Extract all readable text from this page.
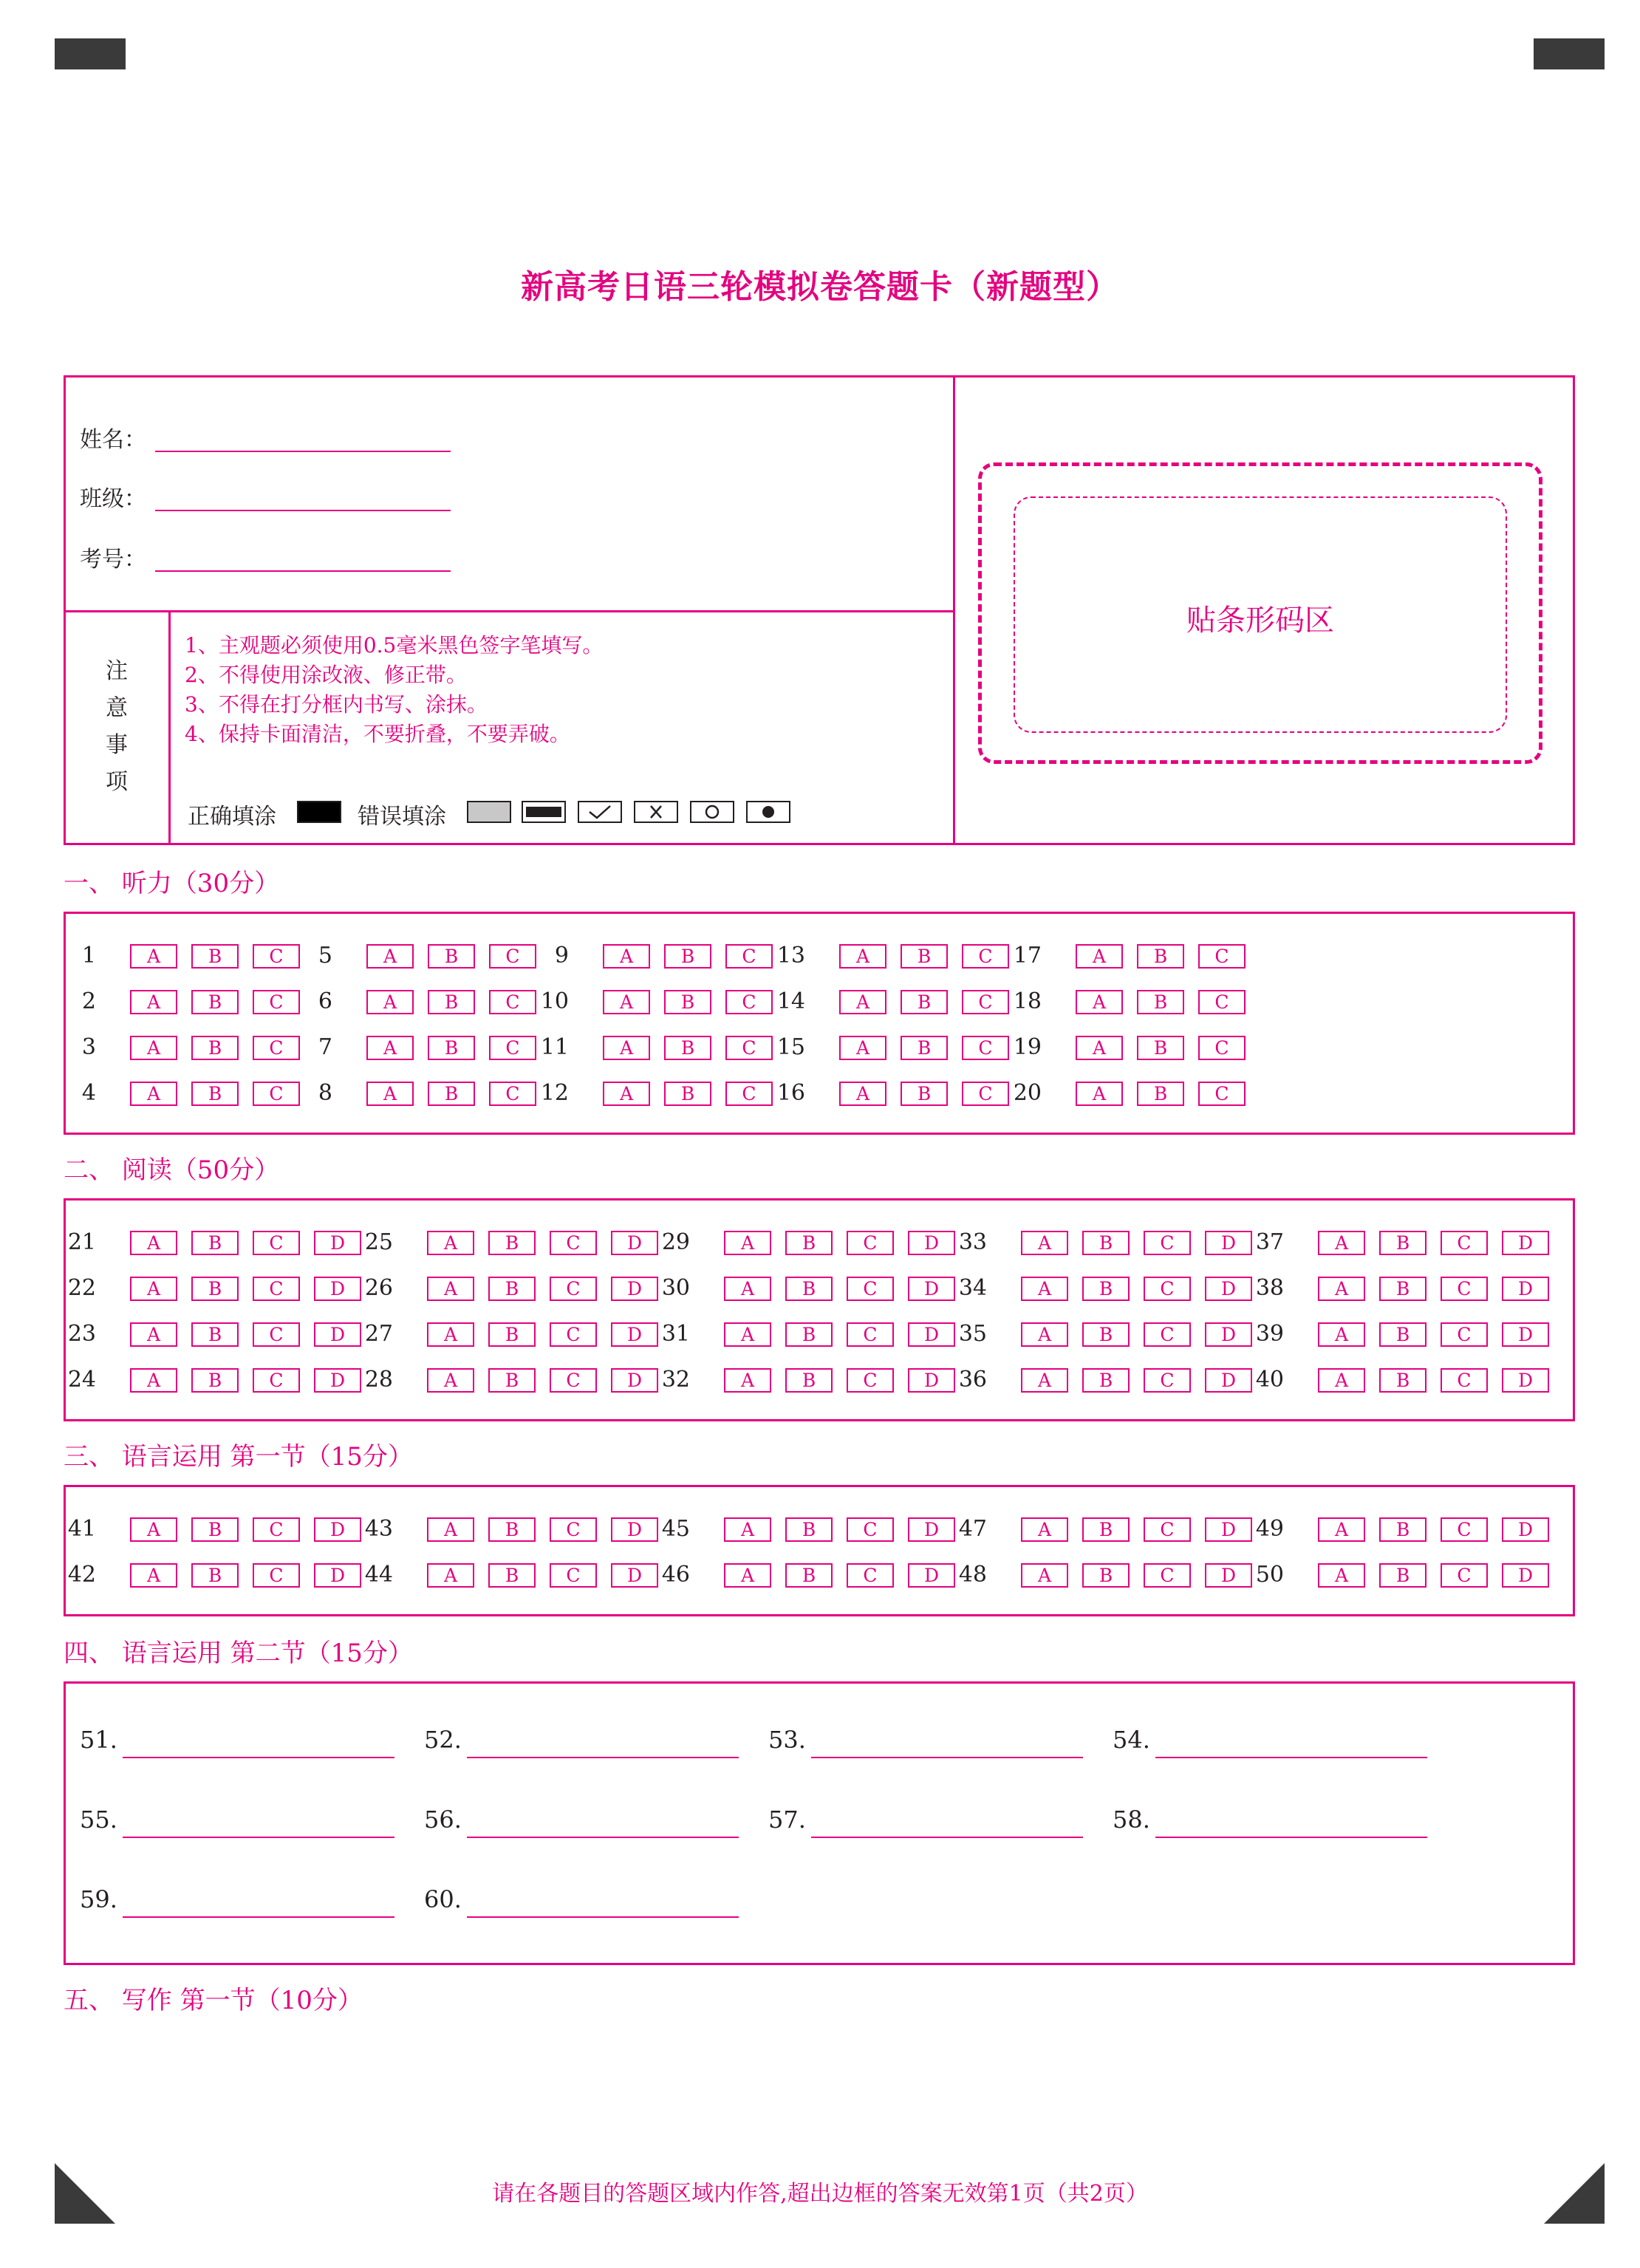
新高考日语三轮模拟卷答题卡（新题型）
姓名：
班级：
考号：
注
意
事
项
1、主观题必须使用0.5毫米黑色签字笔填写。
2、不得使用涂改液、修正带。
3、不得在打分框内书写、涂抹。
4、保持卡面清洁，不要折叠，不要弄破。
正确填涂	错误填涂
贴条形码区
一、 听力（30分）
1	A	B	C
2	A	B	C
3	A	B	C
4	A	B	C
5	A	B	C
6	A	B	C
7	A	B	C
8	A	B	C
9	A	B	C
10	A	B	C
11	A	B	C
12	A	B	C
13	A	B	C
14	A	B	C
15	A	B	C
16	A	B	C
17	A	B	C
18	A	B	C
19	A	B	C
20	A	B	C
二、 阅读（50分）
21	A	B	C	D
22	A	B	C	D
23	A	B	C	D
24	A	B	C	D
25	A	B	C	D
26	A	B	C	D
27	A	B	C	D
28	A	B	C	D
29	A	B	C	D
30	A	B	C	D
31	A	B	C	D
32	A	B	C	D
33	A	B	C	D
34	A	B	C	D
35	A	B	C	D
36	A	B	C	D
37	A	B	C	D
38	A	B	C	D
39	A	B	C	D
40	A	B	C	D
三、 语言运用 第一节（15分）
41	A	B	C	D
42	A	B	C	D
43	A	B	C	D
44	A	B	C	D
45	A	B	C	D
46	A	B	C	D
47	A	B	C	D
48	A	B	C	D
49	A	B	C	D
50	A	B	C	D
四、 语言运用 第二节（15分）
51.	52.	53.	54.
55.	56.	57.	58.
59.	60.
五、 写作 第一节（10分）
请在各题目的答题区域内作答,超出边框的答案无效第1页（共2页）
